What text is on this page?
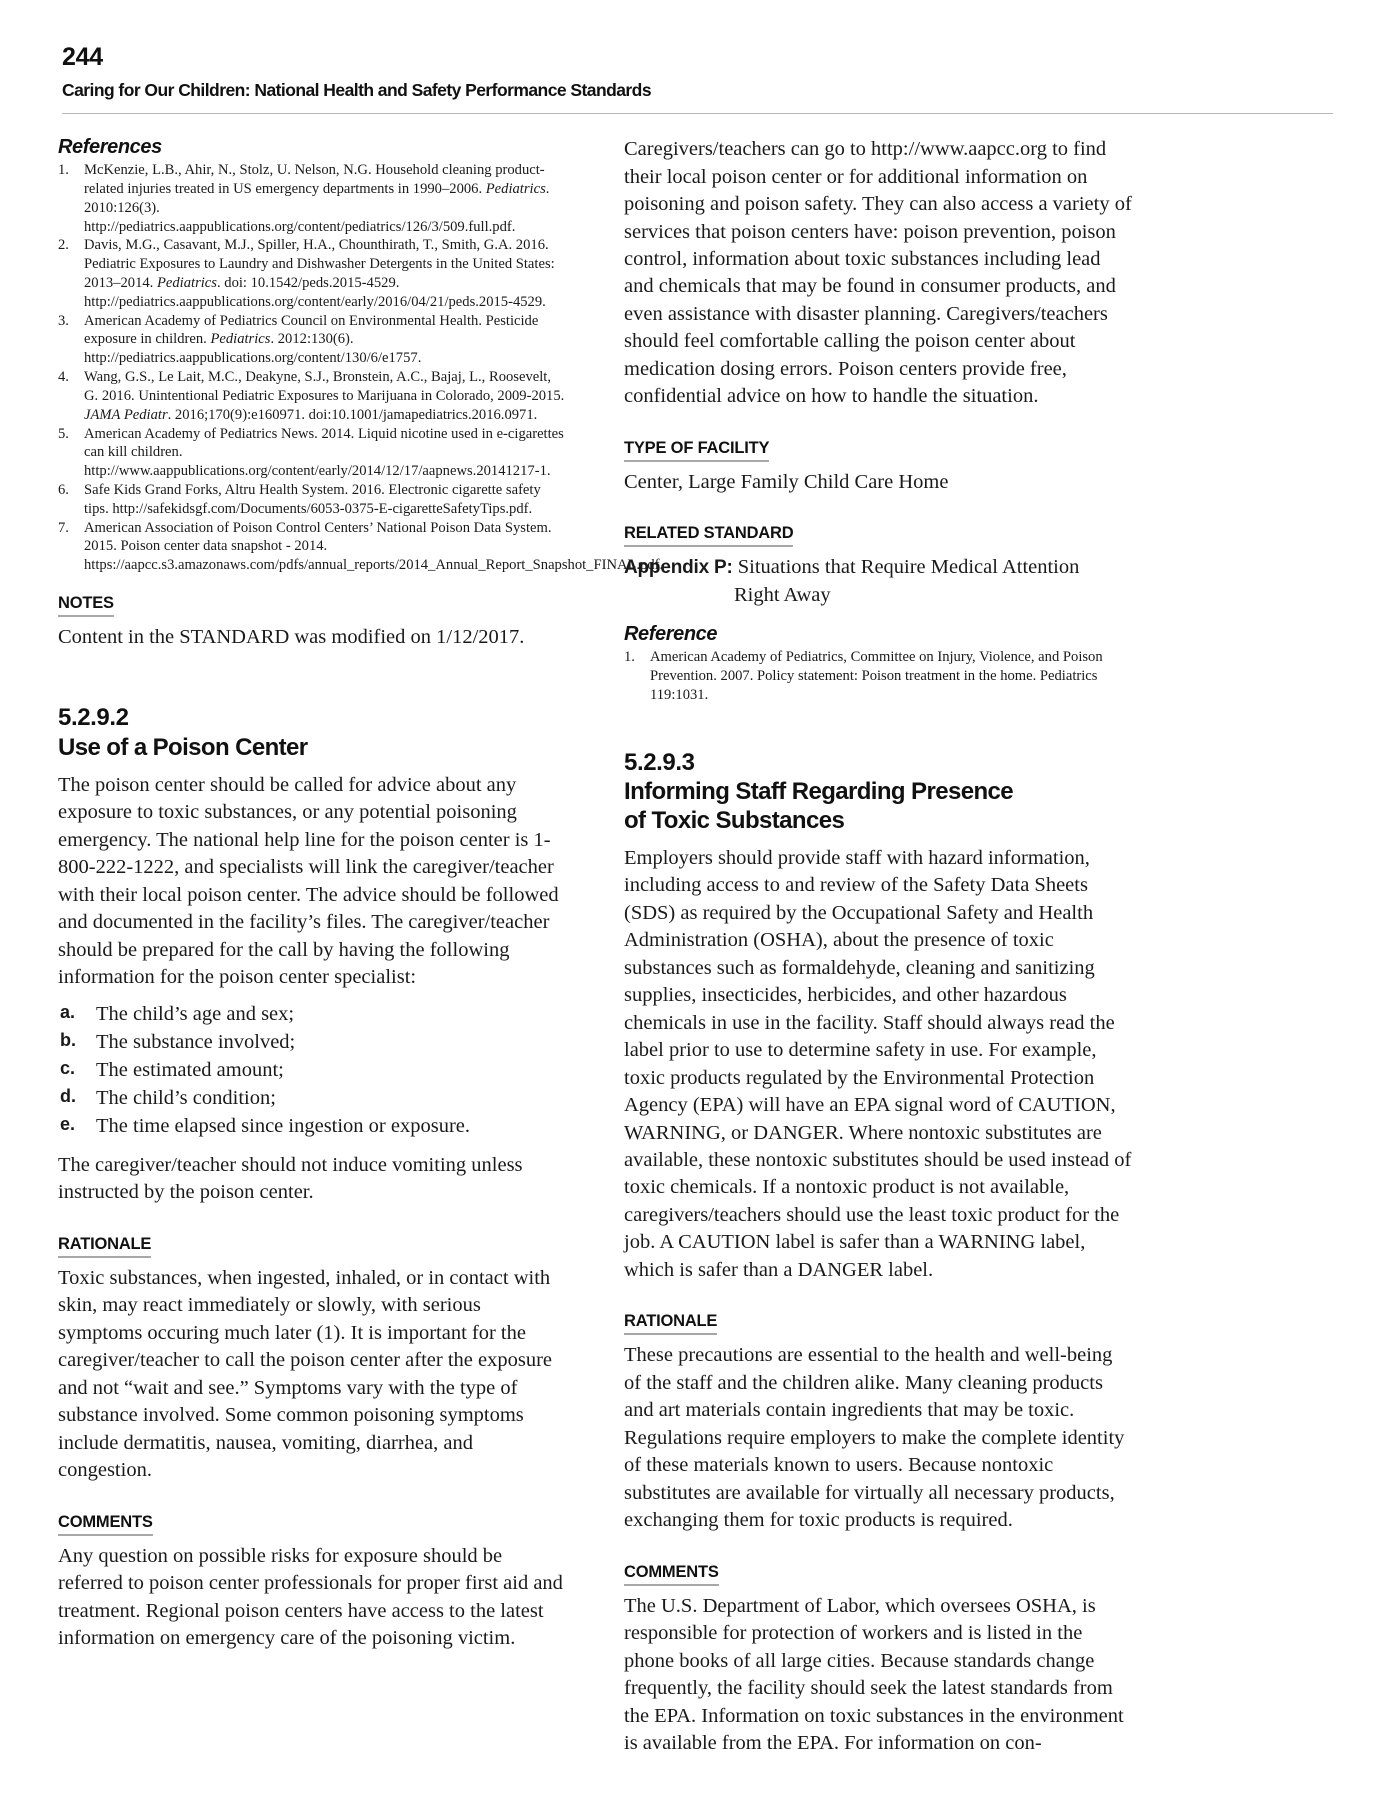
244
Caring for Our Children: National Health and Safety Performance Standards
References
1.	McKenzie, L.B., Ahir, N., Stolz, U. Nelson, N.G. Household cleaning product-related injuries treated in US emergency departments in 1990–2006. Pediatrics. 2010:126(3). http://pediatrics.aappublications.org/content/pediatrics/126/3/509.full.pdf.
2.	Davis, M.G., Casavant, M.J., Spiller, H.A., Chounthirath, T., Smith, G.A. 2016. Pediatric Exposures to Laundry and Dishwasher Detergents in the United States: 2013–2014. Pediatrics. doi: 10.1542/peds.2015-4529. http://pediatrics.aappublications.org/content/early/2016/04/21/peds.2015-4529.
3.	American Academy of Pediatrics Council on Environmental Health. Pesticide exposure in children. Pediatrics. 2012:130(6). http://pediatrics.aappublications.org/content/130/6/e1757.
4.	Wang, G.S., Le Lait, M.C., Deakyne, S.J., Bronstein, A.C., Bajaj, L., Roosevelt, G. 2016. Unintentional Pediatric Exposures to Marijuana in Colorado, 2009-2015. JAMA Pediatr. 2016;170(9):e160971. doi:10.1001/jamapediatrics.2016.0971.
5.	American Academy of Pediatrics News. 2014. Liquid nicotine used in e-cigarettes can kill children. http://www.aappublications.org/content/early/2014/12/17/aapnews.20141217-1.
6.	Safe Kids Grand Forks, Altru Health System. 2016. Electronic cigarette safety tips. http://safekidsgf.com/Documents/6053-0375-E-cigaretteSafetyTips.pdf.
7.	American Association of Poison Control Centers’ National Poison Data System. 2015. Poison center data snapshot - 2014. https://aapcc.s3.amazonaws.com/pdfs/annual_reports/2014_Annual_Report_Snapshot_FINAL.pdf.
NOTES

Content in the STANDARD was modified on 1/12/2017.

5.2.9.2
Use of a Poison Center

The poison center should be called for advice about any exposure to toxic substances, or any potential poisoning emergency. The national help line for the poison center is 1-800-222-1222, and specialists will link the caregiver/teacher with their local poison center. The advice should be followed and documented in the facility’s files. The caregiver/teacher should be prepared for the call by having the following information for the poison center specialist:

a. The child’s age and sex;
b. The substance involved;
c. The estimated amount;
d. The child’s condition;
e. The time elapsed since ingestion or exposure.

The caregiver/teacher should not induce vomiting unless instructed by the poison center.

RATIONALE

Toxic substances, when ingested, inhaled, or in contact with skin, may react immediately or slowly, with serious symptoms occuring much later (1). It is important for the caregiver/teacher to call the poison center after the exposure and not “wait and see.” Symptoms vary with the type of substance involved. Some common poisoning symptoms include dermatitis, nausea, vomiting, diarrhea, and congestion.

COMMENTS

Any question on possible risks for exposure should be referred to poison center professionals for proper first aid and treatment. Regional poison centers have access to the latest information on emergency care of the poisoning victim.

Caregivers/teachers can go to http://www.aapcc.org to find their local poison center or for additional information on poisoning and poison safety. They can also access a variety of services that poison centers have: poison prevention, poison control, information about toxic substances including lead and chemicals that may be found in consumer products, and even assistance with disaster planning. Caregivers/teachers should feel comfortable calling the poison center about medication dosing errors. Poison centers provide free, confidential advice on how to handle the situation.

TYPE OF FACILITY

Center, Large Family Child Care Home

RELATED STANDARD

Appendix P: Situations that Require Medical Attention
Right Away

Reference
1.	American Academy of Pediatrics, Committee on Injury, Violence, and Poison Prevention. 2007. Policy statement: Poison treatment in the home. Pediatrics 119:1031.
5.2.9.3
Informing Staff Regarding Presence
of Toxic Substances

Employers should provide staff with hazard information, including access to and review of the Safety Data Sheets (SDS) as required by the Occupational Safety and Health Administration (OSHA), about the presence of toxic substances such as formaldehyde, cleaning and sanitizing supplies, insecticides, herbicides, and other hazardous chemicals in use in the facility. Staff should always read the label prior to use to determine safety in use. For example, toxic products regulated by the Environmental Protection Agency (EPA) will have an EPA signal word of CAUTION, WARNING, or DANGER. Where nontoxic substitutes are available, these nontoxic substitutes should be used instead of toxic chemicals. If a nontoxic product is not available, caregivers/teachers should use the least toxic product for the job. A CAUTION label is safer than a WARNING label, which is safer than a DANGER label.

RATIONALE

These precautions are essential to the health and well-being of the staff and the children alike. Many cleaning products and art materials contain ingredients that may be toxic. Regulations require employers to make the complete identity of these materials known to users. Because nontoxic substitutes are available for virtually all necessary products, exchanging them for toxic products is required.

COMMENTS

The U.S. Department of Labor, which oversees OSHA, is responsible for protection of workers and is listed in the phone books of all large cities. Because standards change frequently, the facility should seek the latest standards from the EPA. Information on toxic substances in the environment is available from the EPA. For information on con-
